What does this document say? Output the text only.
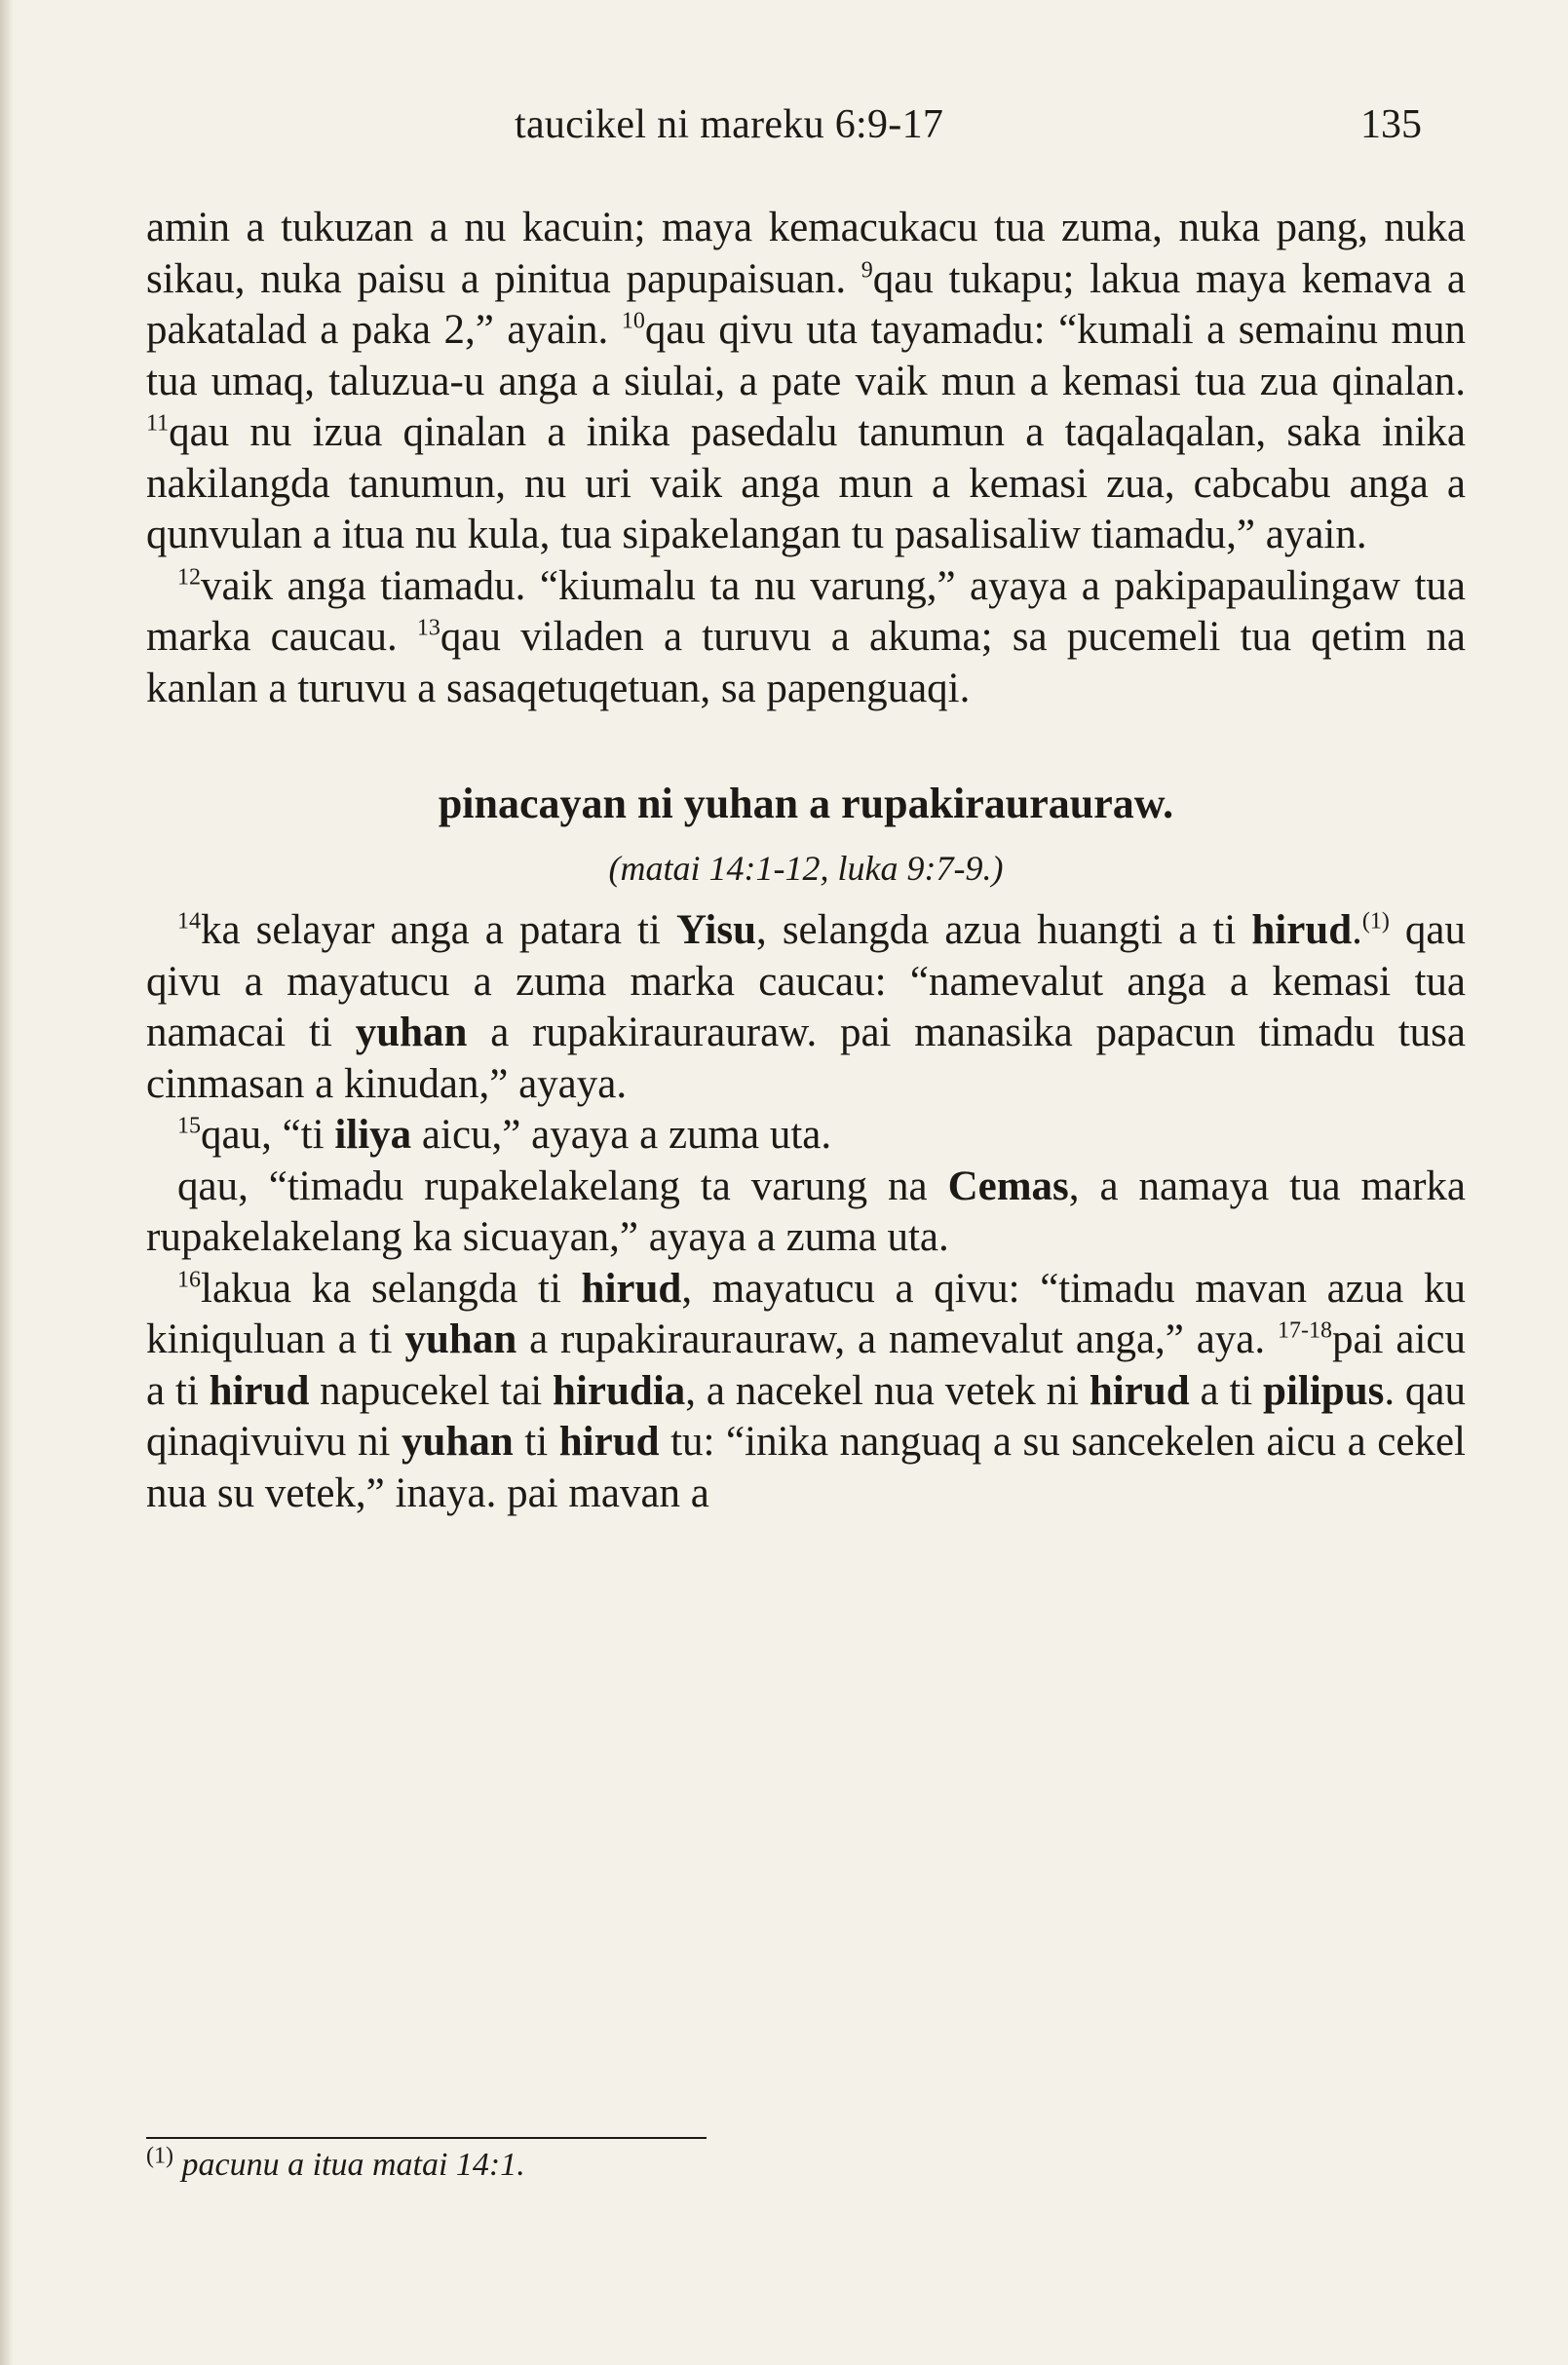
taucikel ni mareku 6:9-17	135

amin a tukuzan a nu kacuin; maya kemacukacu tua zuma, nuka pang, nuka sikau, nuka paisu a pinitua papupaisuan. $^9$qau tukapu; lakua maya kemava a pakatalad a paka 2,” ayain. $^{10}$qau qivu uta tayamadu: “kumali a semainu mun tua umaq, taluzua-u anga a siulai, a pate vaik mun a kemasi tua zua qinalan. $^{11}$qau nu izua qinalan a inika pasedalu tanumun a taqalaqalan, saka inika nakilangda tanumun, nu uri vaik anga mun a kemasi zua, cabcabu anga a qunvulan a itua nu kula, tua sipakelangan tu pasalisaliw tiamadu,” ayain.

$^{12}$vaik anga tiamadu. “kiumalu ta nu varung,” ayaya a pakipapaulingaw tua marka caucau. $^{13}$qau viladen a turuvu a akuma; sa pucemeli tua qetim na kanlan a turuvu a sasaqetuqetuan, sa papenguaqi.

pinacayan ni yuhan a rupakiraurauraw.
(matai 14:1-12, luka 9:7-9.)

$^{14}$ka selayar anga a patara ti Yisu, selangda azua huangti a ti hirud.$^{(1)}$ qau qivu a mayatucu a zuma marka caucau: “namevalut anga a kemasi tua namacai ti yuhan a rupakiraurauraw. pai manasika papacun timadu tusa cinmasan a kinudan,” ayaya.

$^{15}$qau, “ti iliya aicu,” ayaya a zuma uta.

qau, “timadu rupakelakelang ta varung na Cemas, a namaya tua marka rupakelakelang ka sicuayan,” ayaya a zuma uta.

$^{16}$lakua ka selangda ti hirud, mayatucu a qivu: “timadu mavan azua ku kiniquluan a ti yuhan a rupakiraurauraw, a namevalut anga,” aya. $^{17-18}$pai aicu a ti hirud napucekel tai hirudia, a nacekel nua vetek ni hirud a ti pilipus. qau qinaqivuivu ni yuhan ti hirud tu: “inika nanguaq a su sancekelen aicu a cekel nua su vetek,” inaya. pai mavan a

$^{(1)}$ pacunu a itua matai 14:1.
